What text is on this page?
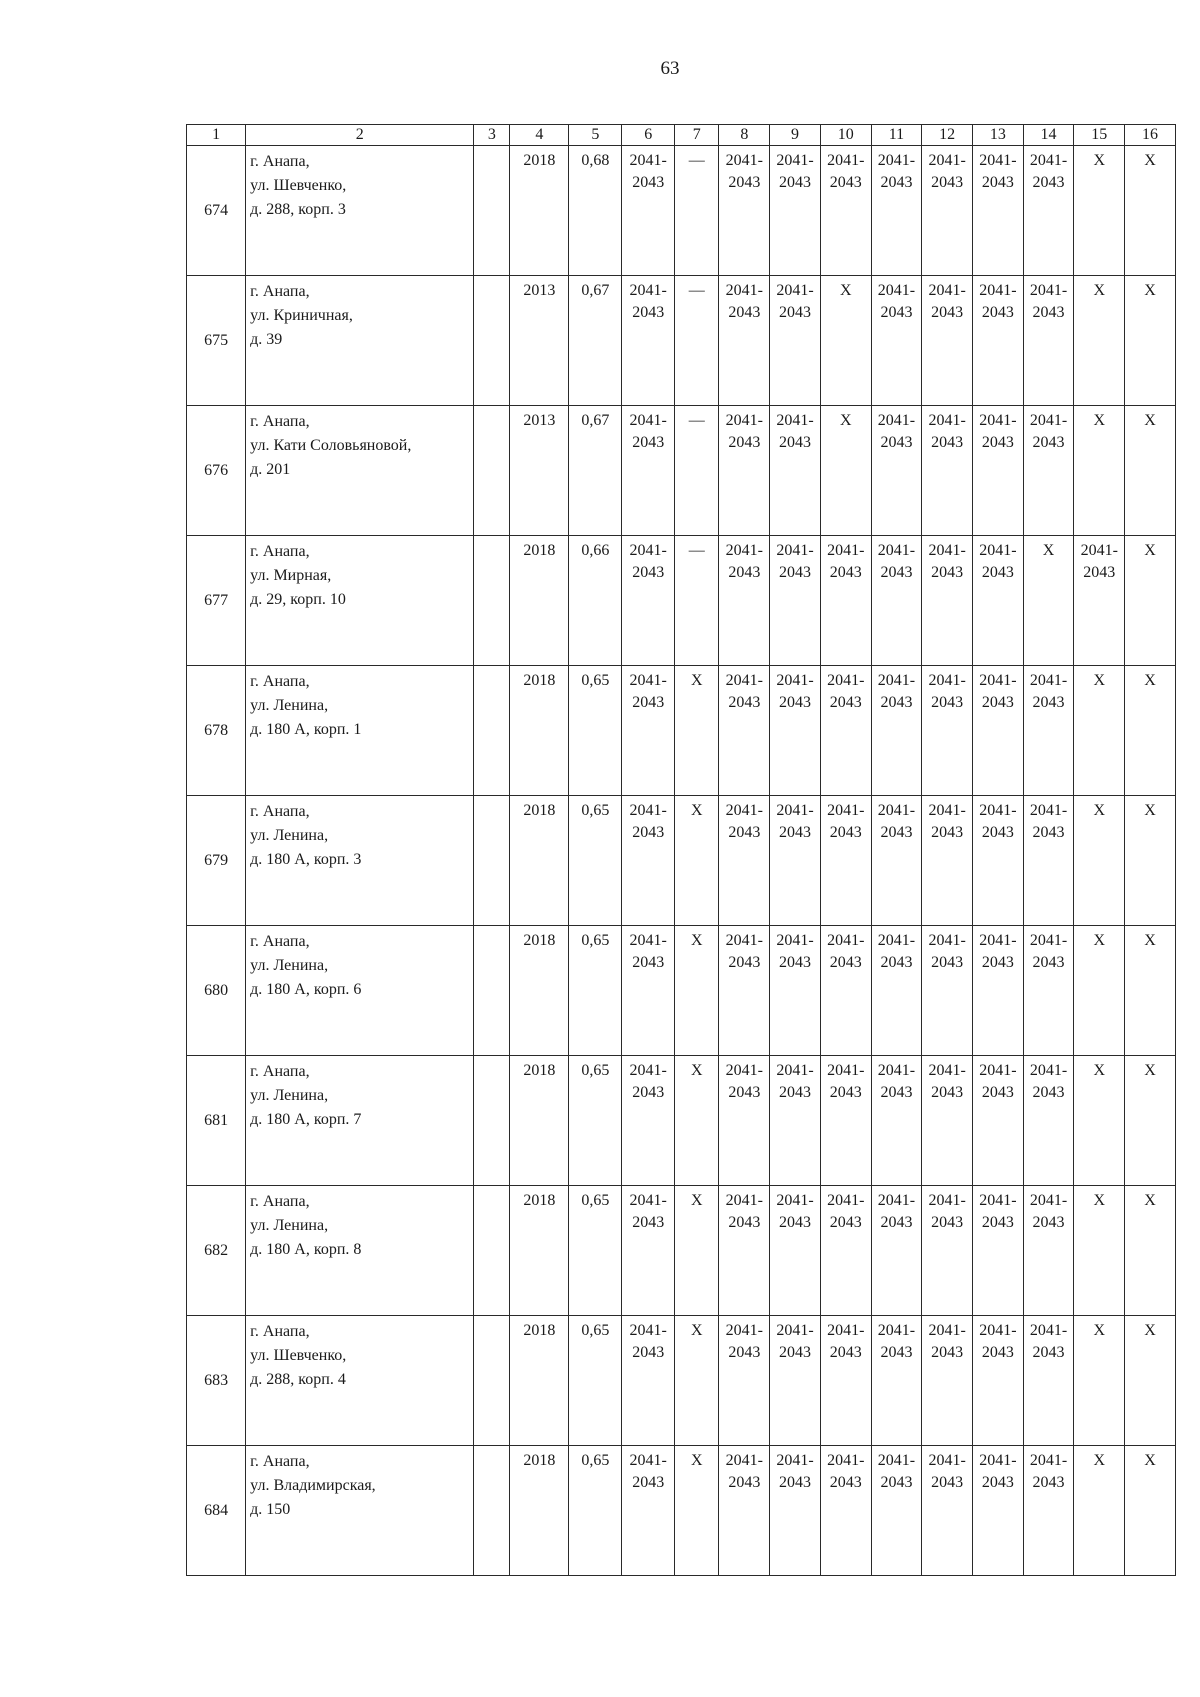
63
1	2	3	4	5	6	7	8	9	10	11	12	13	14	15	16
674	г. Анапа,
ул. Шевченко,
д. 288, корп. 3		2018	0,68	2041-
2043	—	2041-
2043	2041-
2043	2041-
2043	2041-
2043	2041-
2043	2041-
2043	2041-
2043	X	X
675	г. Анапа,
ул. Криничная,
д. 39		2013	0,67	2041-
2043	—	2041-
2043	2041-
2043	X	2041-
2043	2041-
2043	2041-
2043	2041-
2043	X	X
676	г. Анапа,
ул. Кати Соловьяновой,
д. 201		2013	0,67	2041-
2043	—	2041-
2043	2041-
2043	X	2041-
2043	2041-
2043	2041-
2043	2041-
2043	X	X
677	г. Анапа,
ул. Мирная,
д. 29, корп. 10		2018	0,66	2041-
2043	—	2041-
2043	2041-
2043	2041-
2043	2041-
2043	2041-
2043	2041-
2043	X	2041-
2043	X
678	г. Анапа,
ул. Ленина,
д. 180 А, корп. 1		2018	0,65	2041-
2043	X	2041-
2043	2041-
2043	2041-
2043	2041-
2043	2041-
2043	2041-
2043	2041-
2043	X	X
679	г. Анапа,
ул. Ленина,
д. 180 А, корп. 3		2018	0,65	2041-
2043	X	2041-
2043	2041-
2043	2041-
2043	2041-
2043	2041-
2043	2041-
2043	2041-
2043	X	X
680	г. Анапа,
ул. Ленина,
д. 180 А, корп. 6		2018	0,65	2041-
2043	X	2041-
2043	2041-
2043	2041-
2043	2041-
2043	2041-
2043	2041-
2043	2041-
2043	X	X
681	г. Анапа,
ул. Ленина,
д. 180 А, корп. 7		2018	0,65	2041-
2043	X	2041-
2043	2041-
2043	2041-
2043	2041-
2043	2041-
2043	2041-
2043	2041-
2043	X	X
682	г. Анапа,
ул. Ленина,
д. 180 А, корп. 8		2018	0,65	2041-
2043	X	2041-
2043	2041-
2043	2041-
2043	2041-
2043	2041-
2043	2041-
2043	2041-
2043	X	X
683	г. Анапа,
ул. Шевченко,
д. 288, корп. 4		2018	0,65	2041-
2043	X	2041-
2043	2041-
2043	2041-
2043	2041-
2043	2041-
2043	2041-
2043	2041-
2043	X	X
684	г. Анапа,
ул. Владимирская,
д. 150		2018	0,65	2041-
2043	X	2041-
2043	2041-
2043	2041-
2043	2041-
2043	2041-
2043	2041-
2043	2041-
2043	X	X
